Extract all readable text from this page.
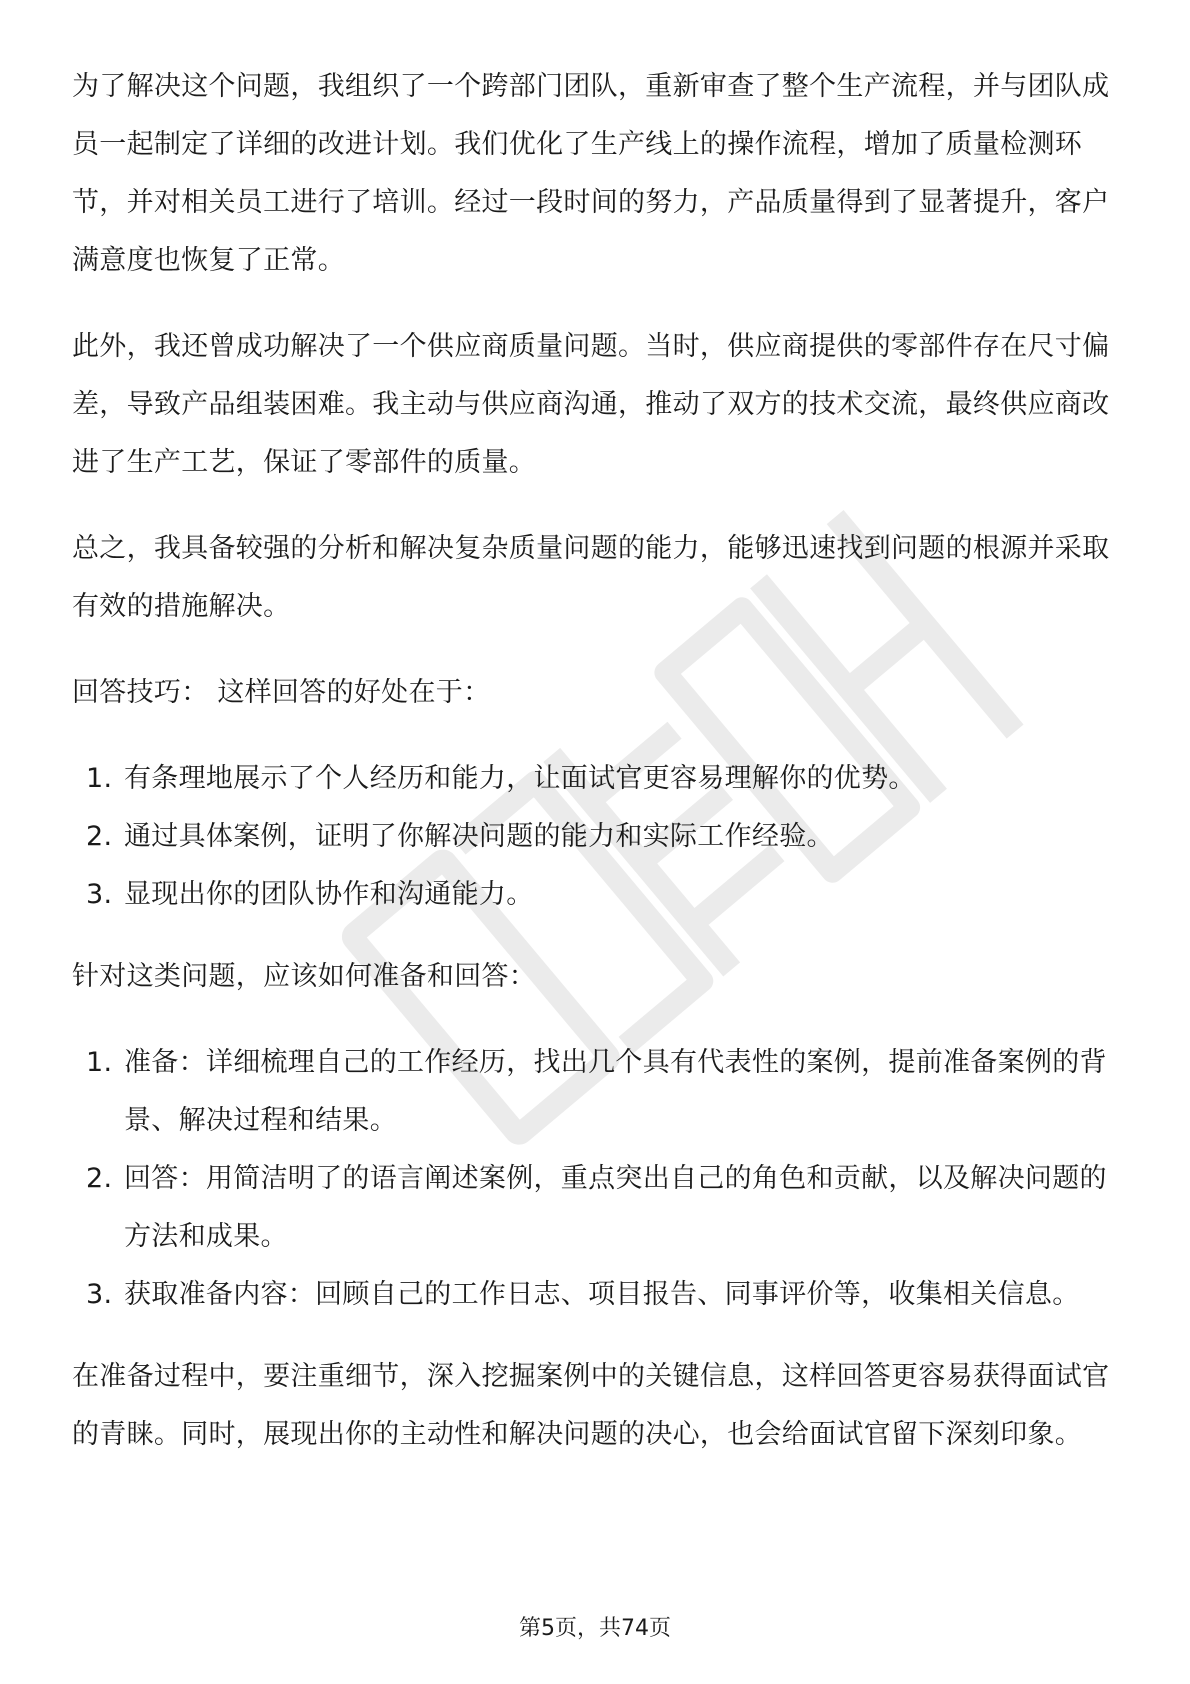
为了解决这个问题，我组织了一个跨部门团队，重新审查了整个生产流程，并与团队成员一起制定了详细的改进计划。我们优化了生产线上的操作流程，增加了质量检测环节，并对相关员工进行了培训。经过一段时间的努力，产品质量得到了显著提升，客户满意度也恢复了正常。

此外，我还曾成功解决了一个供应商质量问题。当时，供应商提供的零部件存在尺寸偏差，导致产品组装困难。我主动与供应商沟通，推动了双方的技术交流，最终供应商改进了生产工艺，保证了零部件的质量。

总之，我具备较强的分析和解决复杂质量问题的能力，能够迅速找到问题的根源并采取有效的措施解决。

回答技巧： 这样回答的好处在于：

1. 有条理地展示了个人经历和能力，让面试官更容易理解你的优势。
2. 通过具体案例，证明了你解决问题的能力和实际工作经验。
3. 显现出你的团队协作和沟通能力。

针对这类问题，应该如何准备和回答：

1. 准备：详细梳理自己的工作经历，找出几个具有代表性的案例，提前准备案例的背景、解决过程和结果。
2. 回答：用简洁明了的语言阐述案例，重点突出自己的角色和贡献，以及解决问题的方法和成果。
3. 获取准备内容：回顾自己的工作日志、项目报告、同事评价等，收集相关信息。

在准备过程中，要注重细节，深入挖掘案例中的关键信息，这样回答更容易获得面试官的青睐。同时，展现出你的主动性和解决问题的决心，也会给面试官留下深刻印象。

第5页，共74页
